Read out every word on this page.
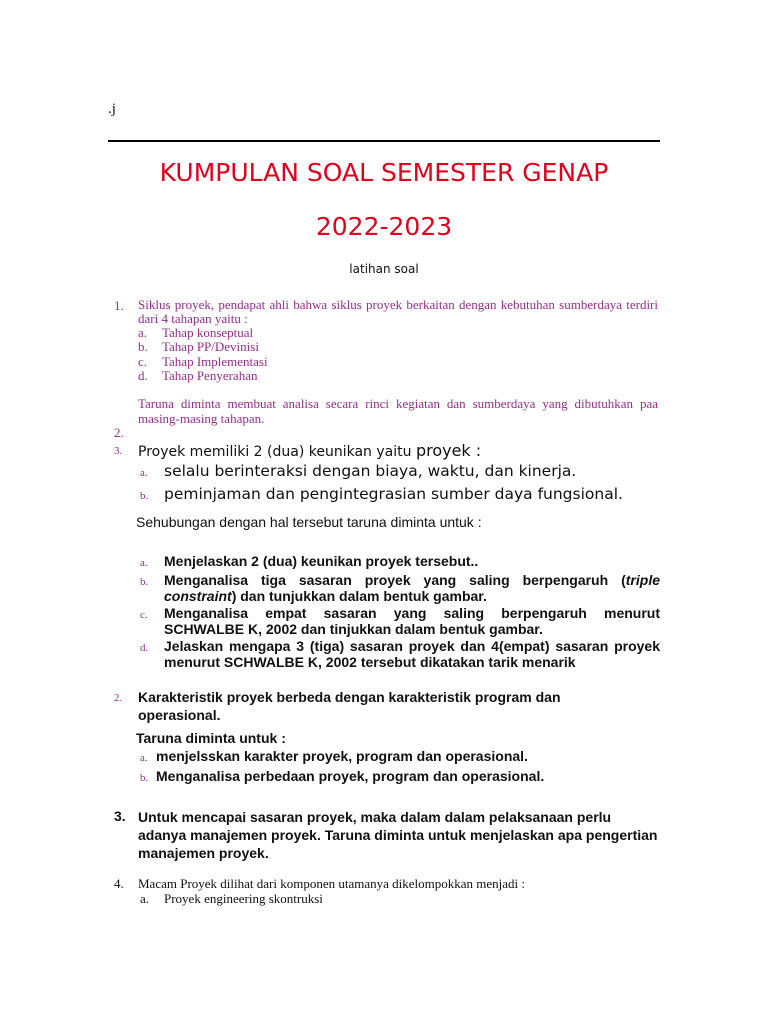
.j
KUMPULAN SOAL SEMESTER GENAP
2022-2023
latihan soal
1. Siklus proyek, pendapat ahli bahwa siklus proyek berkaitan dengan kebutuhan sumberdaya terdiri dari 4 tahapan yaitu :
a. Tahap konseptual
b. Tahap PP/Devinisi
c. Tahap Implementasi
d. Tahap Penyerahan
Taruna diminta membuat analisa secara rinci kegiatan dan sumberdaya yang dibutuhkan paa masing-masing tahapan.
2.
3. Proyek memiliki 2 (dua) keunikan yaitu proyek :
a. selalu berinteraksi dengan biaya, waktu, dan kinerja.
b. peminjaman dan pengintegrasian sumber daya fungsional.
Sehubungan dengan hal tersebut taruna diminta untuk :
a.	Menjelaskan 2 (dua) keunikan proyek tersebut..
b.	Menganalisa tiga sasaran proyek yang saling berpengaruh (triple constraint) dan tunjukkan dalam bentuk gambar.
c.	Menganalisa empat sasaran yang saling berpengaruh menurut SCHWALBE K, 2002 dan tinjukkan dalam bentuk gambar.
d.	Jelaskan mengapa 3 (tiga) sasaran proyek dan 4(empat) sasaran proyek menurut SCHWALBE K, 2002 tersebut dikatakan tarik menarik
2. Karakteristik proyek berbeda dengan karakteristik program dan operasional.
Taruna diminta untuk :
a. menjelsskan karakter proyek, program dan operasional.
b. Menganalisa perbedaan proyek, program dan operasional.
3. Untuk mencapai sasaran proyek, maka dalam dalam pelaksanaan perlu adanya manajemen proyek. Taruna diminta untuk menjelaskan apa pengertian manajemen proyek.
4. Macam Proyek dilihat dari komponen utamanya dikelompokkan menjadi :
a. Proyek engineering skontruksi
